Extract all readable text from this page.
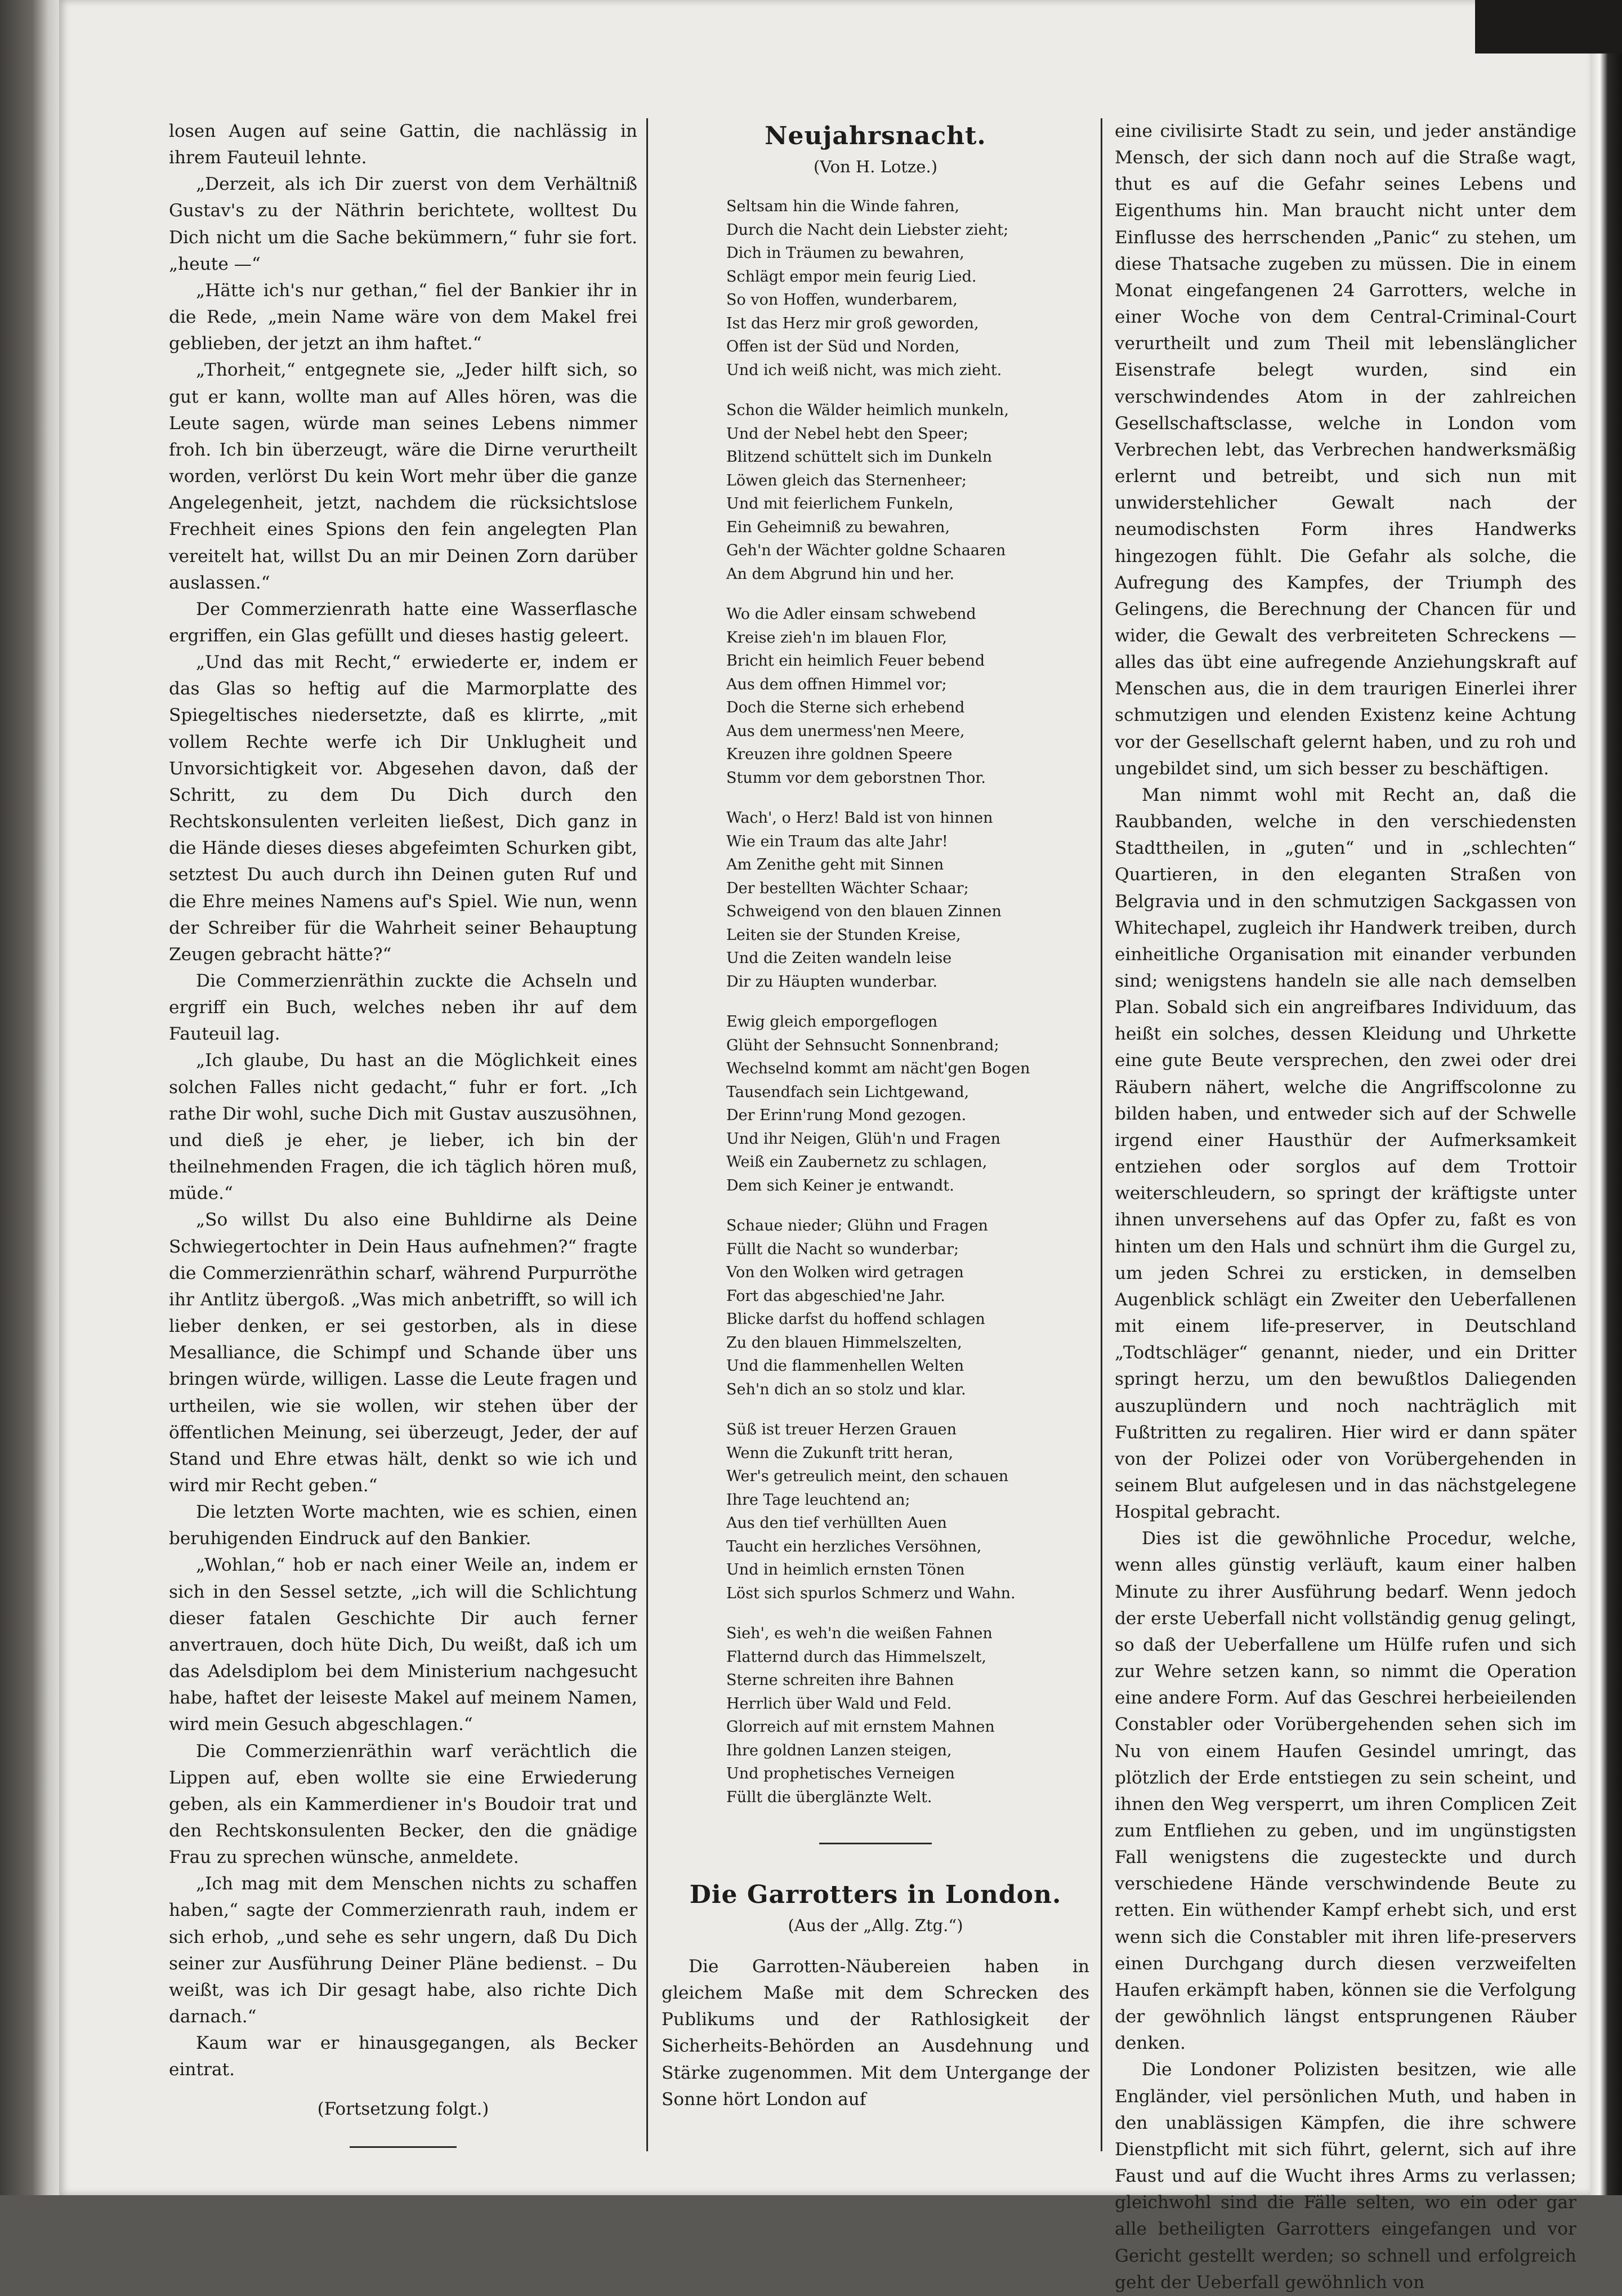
losen Augen auf seine Gattin, die nachlässig in ihrem Fauteuil lehnte.

„Derzeit, als ich Dir zuerst von dem Verhältniß Gustav's zu der Näthrin berichtete, wolltest Du Dich nicht um die Sache bekümmern,“ fuhr sie fort. „heute —“

„Hätte ich's nur gethan,“ fiel der Bankier ihr in die Rede, „mein Name wäre von dem Makel frei geblieben, der jetzt an ihm haftet.“

„Thorheit,“ entgegnete sie, „Jeder hilft sich, so gut er kann, wollte man auf Alles hören, was die Leute sagen, würde man seines Lebens nimmer froh. Ich bin überzeugt, wäre die Dirne verurtheilt worden, verlörst Du kein Wort mehr über die ganze Angelegenheit, jetzt, nachdem die rücksichtslose Frechheit eines Spions den fein angelegten Plan vereitelt hat, willst Du an mir Deinen Zorn darüber auslassen.“

Der Commerzienrath hatte eine Wasserflasche ergriffen, ein Glas gefüllt und dieses hastig geleert.

„Und das mit Recht,“ erwiederte er, indem er das Glas so heftig auf die Marmorplatte des Spiegeltisches niedersetzte, daß es klirrte, „mit vollem Rechte werfe ich Dir Unklugheit und Unvorsichtigkeit vor. Abgesehen davon, daß der Schritt, zu dem Du Dich durch den Rechtskonsulenten verleiten ließest, Dich ganz in die Hände dieses dieses abgefeimten Schurken gibt, setztest Du auch durch ihn Deinen guten Ruf und die Ehre meines Namens auf's Spiel. Wie nun, wenn der Schreiber für die Wahrheit seiner Behauptung Zeugen gebracht hätte?“

Die Commerzienräthin zuckte die Achseln und ergriff ein Buch, welches neben ihr auf dem Fauteuil lag.

„Ich glaube, Du hast an die Möglichkeit eines solchen Falles nicht gedacht,“ fuhr er fort. „Ich rathe Dir wohl, suche Dich mit Gustav auszusöhnen, und dieß je eher, je lieber, ich bin der theilnehmenden Fragen, die ich täglich hören muß, müde.“

„So willst Du also eine Buhldirne als Deine Schwiegertochter in Dein Haus aufnehmen?“ fragte die Commerzienräthin scharf, während Purpurröthe ihr Antlitz übergoß. „Was mich anbetrifft, so will ich lieber denken, er sei gestorben, als in diese Mesalliance, die Schimpf und Schande über uns bringen würde, willigen. Lasse die Leute fragen und urtheilen, wie sie wollen, wir stehen über der öffentlichen Meinung, sei überzeugt, Jeder, der auf Stand und Ehre etwas hält, denkt so wie ich und wird mir Recht geben.“

Die letzten Worte machten, wie es schien, einen beruhigenden Eindruck auf den Bankier.

„Wohlan,“ hob er nach einer Weile an, indem er sich in den Sessel setzte, „ich will die Schlichtung dieser fatalen Geschichte Dir auch ferner anvertrauen, doch hüte Dich, Du weißt, daß ich um das Adelsdiplom bei dem Ministerium nachgesucht habe, haftet der leiseste Makel auf meinem Namen, wird mein Gesuch abgeschlagen.“

Die Commerzienräthin warf verächtlich die Lippen auf, eben wollte sie eine Erwiederung geben, als ein Kammerdiener in's Boudoir trat und den Rechtskonsulenten Becker, den die gnädige Frau zu sprechen wünsche, anmeldete.

„Ich mag mit dem Menschen nichts zu schaffen haben,“ sagte der Commerzienrath rauh, indem er sich erhob, „und sehe es sehr ungern, daß Du Dich seiner zur Ausführung Deiner Pläne bedienst. – Du weißt, was ich Dir gesagt habe, also richte Dich darnach.“

Kaum war er hinausgegangen, als Becker eintrat.

(Fortsetzung folgt.)
Neujahrsnacht.
(Von H. Lotze.)
Seltsam hin die Winde fahren,
Durch die Nacht dein Liebster zieht;
Dich in Träumen zu bewahren,
Schlägt empor mein feurig Lied.
So von Hoffen, wunderbarem,
Ist das Herz mir groß geworden,
Offen ist der Süd und Norden,
Und ich weiß nicht, was mich zieht.
Schon die Wälder heimlich munkeln,
Und der Nebel hebt den Speer;
Blitzend schüttelt sich im Dunkeln
Löwen gleich das Sternenheer;
Und mit feierlichem Funkeln,
Ein Geheimniß zu bewahren,
Geh'n der Wächter goldne Schaaren
An dem Abgrund hin und her.
Wo die Adler einsam schwebend
Kreise zieh'n im blauen Flor,
Bricht ein heimlich Feuer bebend
Aus dem offnen Himmel vor;
Doch die Sterne sich erhebend
Aus dem unermess'nen Meere,
Kreuzen ihre goldnen Speere
Stumm vor dem geborstnen Thor.
Wach', o Herz! Bald ist von hinnen
Wie ein Traum das alte Jahr!
Am Zenithe geht mit Sinnen
Der bestellten Wächter Schaar;
Schweigend von den blauen Zinnen
Leiten sie der Stunden Kreise,
Und die Zeiten wandeln leise
Dir zu Häupten wunderbar.
Ewig gleich emporgeflogen
Glüht der Sehnsucht Sonnenbrand;
Wechselnd kommt am nächt'gen Bogen
Tausendfach sein Lichtgewand,
Der Erinn'rung Mond gezogen.
Und ihr Neigen, Glüh'n und Fragen
Weiß ein Zaubernetz zu schlagen,
Dem sich Keiner je entwandt.
Schaue nieder; Glühn und Fragen
Füllt die Nacht so wunderbar;
Von den Wolken wird getragen
Fort das abgeschied'ne Jahr.
Blicke darfst du hoffend schlagen
Zu den blauen Himmelszelten,
Und die flammenhellen Welten
Seh'n dich an so stolz und klar.
Süß ist treuer Herzen Grauen
Wenn die Zukunft tritt heran,
Wer's getreulich meint, den schauen
Ihre Tage leuchtend an;
Aus den tief verhüllten Auen
Taucht ein herzliches Versöhnen,
Und in heimlich ernsten Tönen
Löst sich spurlos Schmerz und Wahn.
Sieh', es weh'n die weißen Fahnen
Flatternd durch das Himmelszelt,
Sterne schreiten ihre Bahnen
Herrlich über Wald und Feld.
Glorreich auf mit ernstem Mahnen
Ihre goldnen Lanzen steigen,
Und prophetisches Verneigen
Füllt die überglänzte Welt.
Die Garrotters in London.
(Aus der „Allg. Ztg.“)

Die Garrotten-Näubereien haben in gleichem Maße mit dem Schrecken des Publikums und der Rathlosigkeit der Sicherheits-Behörden an Ausdehnung und Stärke zugenommen. Mit dem Untergange der Sonne hört London auf

eine civilisirte Stadt zu sein, und jeder anständige Mensch, der sich dann noch auf die Straße wagt, thut es auf die Gefahr seines Lebens und Eigenthums hin. Man braucht nicht unter dem Einflusse des herrschenden „Panic“ zu stehen, um diese Thatsache zugeben zu müssen. Die in einem Monat eingefangenen 24 Garrotters, welche in einer Woche von dem Central-Criminal-Court verurtheilt und zum Theil mit lebenslänglicher Eisenstrafe belegt wurden, sind ein verschwindendes Atom in der zahlreichen Gesellschaftsclasse, welche in London vom Verbrechen lebt, das Verbrechen handwerksmäßig erlernt und betreibt, und sich nun mit unwiderstehlicher Gewalt nach der neumodischsten Form ihres Handwerks hingezogen fühlt. Die Gefahr als solche, die Aufregung des Kampfes, der Triumph des Gelingens, die Berechnung der Chancen für und wider, die Gewalt des verbreiteten Schreckens — alles das übt eine aufregende Anziehungskraft auf Menschen aus, die in dem traurigen Einerlei ihrer schmutzigen und elenden Existenz keine Achtung vor der Gesellschaft gelernt haben, und zu roh und ungebildet sind, um sich besser zu beschäftigen.

Man nimmt wohl mit Recht an, daß die Raubbanden, welche in den verschiedensten Stadttheilen, in „guten“ und in „schlechten“ Quartieren, in den eleganten Straßen von Belgravia und in den schmutzigen Sackgassen von Whitechapel, zugleich ihr Handwerk treiben, durch einheitliche Organisation mit einander verbunden sind; wenigstens handeln sie alle nach demselben Plan. Sobald sich ein angreifbares Individuum, das heißt ein solches, dessen Kleidung und Uhrkette eine gute Beute versprechen, den zwei oder drei Räubern nähert, welche die Angriffscolonne zu bilden haben, und entweder sich auf der Schwelle irgend einer Hausthür der Aufmerksamkeit entziehen oder sorglos auf dem Trottoir weiterschleudern, so springt der kräftigste unter ihnen unversehens auf das Opfer zu, faßt es von hinten um den Hals und schnürt ihm die Gurgel zu, um jeden Schrei zu ersticken, in demselben Augenblick schlägt ein Zweiter den Ueberfallenen mit einem life-preserver, in Deutschland „Todtschläger“ genannt, nieder, und ein Dritter springt herzu, um den bewußtlos Daliegenden auszuplündern und noch nachträglich mit Fußtritten zu regaliren. Hier wird er dann später von der Polizei oder von Vorübergehenden in seinem Blut aufgelesen und in das nächstgelegene Hospital gebracht.

Dies ist die gewöhnliche Procedur, welche, wenn alles günstig verläuft, kaum einer halben Minute zu ihrer Ausführung bedarf. Wenn jedoch der erste Ueberfall nicht vollständig genug gelingt, so daß der Ueberfallene um Hülfe rufen und sich zur Wehre setzen kann, so nimmt die Operation eine andere Form. Auf das Geschrei herbeieilenden Constabler oder Vorübergehenden sehen sich im Nu von einem Haufen Gesindel umringt, das plötzlich der Erde entstiegen zu sein scheint, und ihnen den Weg versperrt, um ihren Complicen Zeit zum Entfliehen zu geben, und im ungünstigsten Fall wenigstens die zugesteckte und durch verschiedene Hände verschwindende Beute zu retten. Ein wüthender Kampf erhebt sich, und erst wenn sich die Constabler mit ihren life-preservers einen Durchgang durch diesen verzweifelten Haufen erkämpft haben, können sie die Verfolgung der gewöhnlich längst entsprungenen Räuber denken.

Die Londoner Polizisten besitzen, wie alle Engländer, viel persönlichen Muth, und haben in den unablässigen Kämpfen, die ihre schwere Dienstpflicht mit sich führt, gelernt, sich auf ihre Faust und auf die Wucht ihres Arms zu verlassen; gleichwohl sind die Fälle selten, wo ein oder gar alle betheiligten Garrotters eingefangen und vor Gericht gestellt werden; so schnell und erfolgreich geht der Ueberfall gewöhnlich von
